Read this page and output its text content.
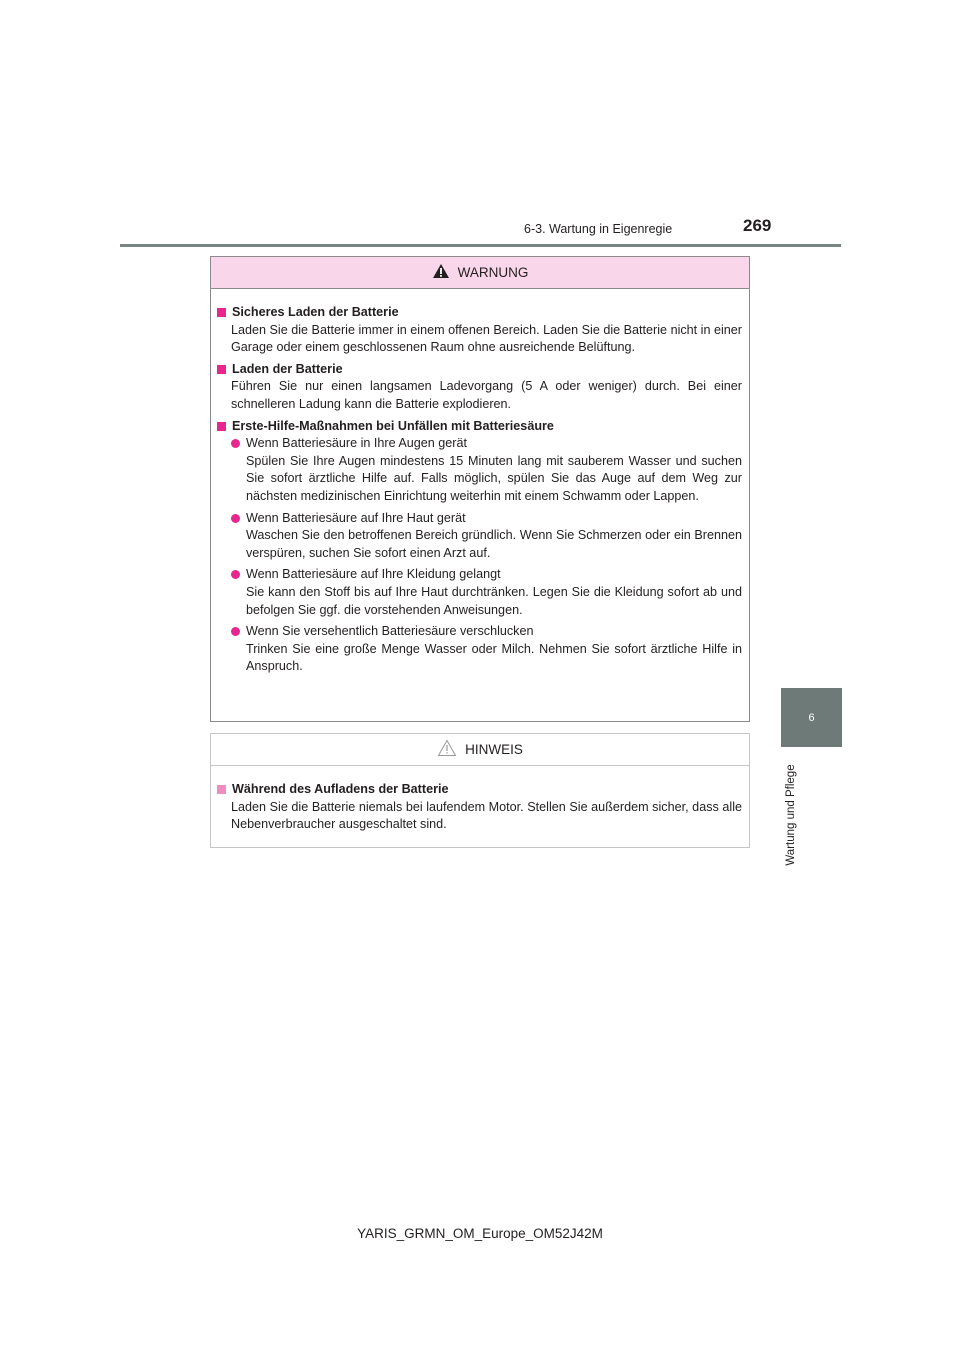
6-3. Wartung in Eigenregie	269
6
Wartung und Pflege
WARNUNG
Sicheres Laden der Batterie
Laden Sie die Batterie immer in einem offenen Bereich. Laden Sie die Batterie nicht in einer Garage oder einem geschlossenen Raum ohne ausreichende Belüftung.
Laden der Batterie
Führen Sie nur einen langsamen Ladevorgang (5 A oder weniger) durch. Bei einer schnelleren Ladung kann die Batterie explodieren.
Erste-Hilfe-Maßnahmen bei Unfällen mit Batteriesäure
Wenn Batteriesäure in Ihre Augen gerät
Spülen Sie Ihre Augen mindestens 15 Minuten lang mit sauberem Wasser und suchen Sie sofort ärztliche Hilfe auf. Falls möglich, spülen Sie das Auge auf dem Weg zur nächsten medizinischen Einrichtung weiterhin mit einem Schwamm oder Lappen.
Wenn Batteriesäure auf Ihre Haut gerät
Waschen Sie den betroffenen Bereich gründlich. Wenn Sie Schmerzen oder ein Brennen verspüren, suchen Sie sofort einen Arzt auf.
Wenn Batteriesäure auf Ihre Kleidung gelangt
Sie kann den Stoff bis auf Ihre Haut durchtränken. Legen Sie die Kleidung sofort ab und befolgen Sie ggf. die vorstehenden Anweisungen.
Wenn Sie versehentlich Batteriesäure verschlucken
Trinken Sie eine große Menge Wasser oder Milch. Nehmen Sie sofort ärztliche Hilfe in Anspruch.
HINWEIS
Während des Aufladens der Batterie
Laden Sie die Batterie niemals bei laufendem Motor. Stellen Sie außerdem sicher, dass alle Nebenverbraucher ausgeschaltet sind.
YARIS_GRMN_OM_Europe_OM52J42M
